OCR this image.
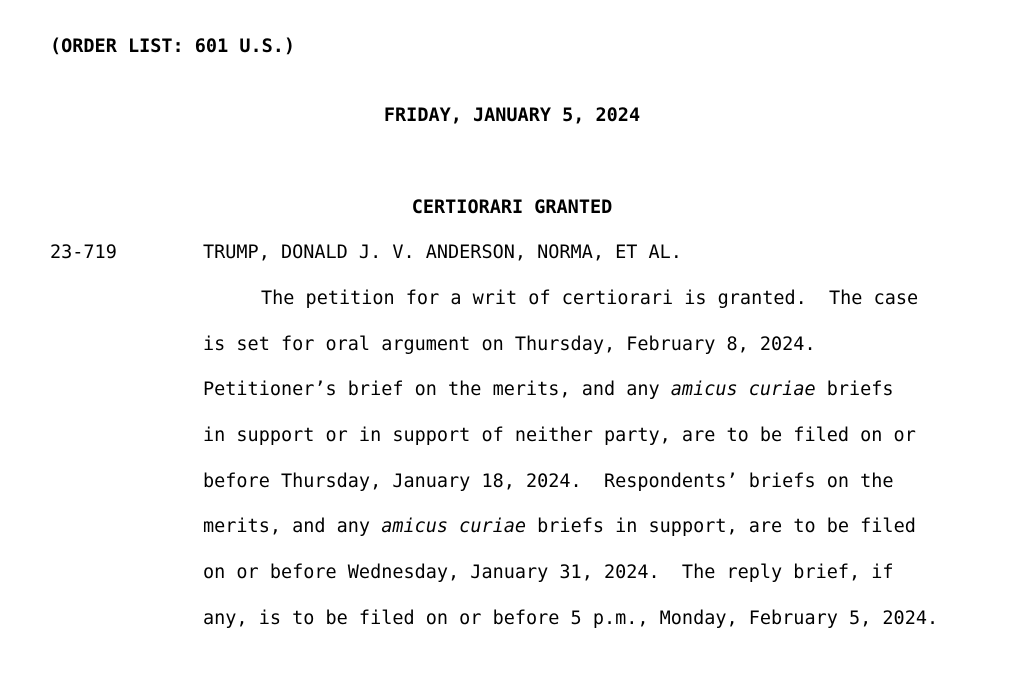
(ORDER LIST: 601 U.S.)
FRIDAY, JANUARY 5, 2024
CERTIORARI GRANTED
23-719	TRUMP, DONALD J. V. ANDERSON, NORMA, ET AL.
The petition for a writ of certiorari is granted.  The case
is set for oral argument on Thursday, February 8, 2024.
Petitioner’s brief on the merits, and any amicus curiae briefs
in support or in support of neither party, are to be filed on or
before Thursday, January 18, 2024.  Respondents’ briefs on the
merits, and any amicus curiae briefs in support, are to be filed
on or before Wednesday, January 31, 2024.  The reply brief, if
any, is to be filed on or before 5 p.m., Monday, February 5, 2024.
